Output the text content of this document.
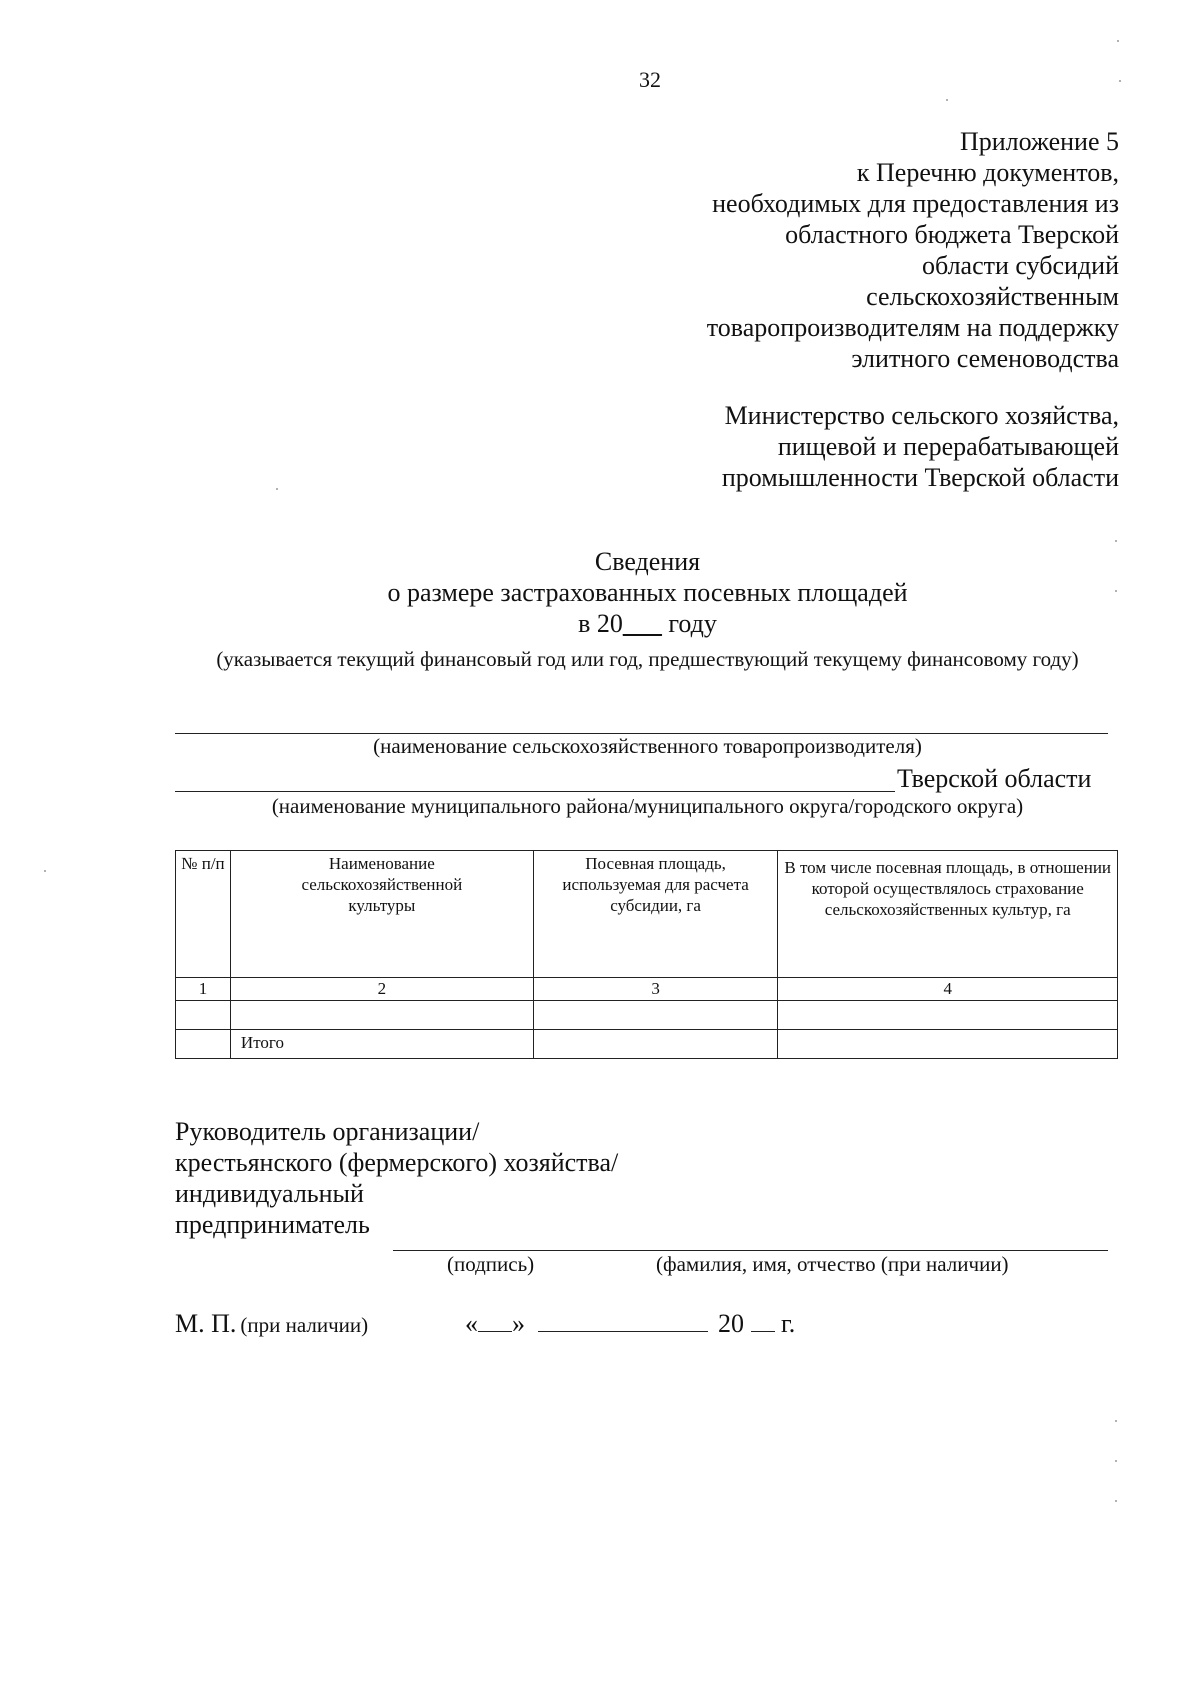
32
Приложение 5
к Перечню документов,
необходимых для предоставления из
областного бюджета Тверской
области субсидий
сельскохозяйственным
товаропроизводителям на поддержку
элитного семеноводства
Министерство сельского хозяйства,
пищевой и перерабатывающей
промышленности Тверской области
Сведения
о размере застрахованных посевных площадей
в 20___ году
(указывается текущий финансовый год или год, предшествующий текущему финансовому году)
(наименование сельскохозяйственного товаропроизводителя)
Тверской области
(наименование муниципального района/муниципального округа/городского округа)
№ п/п	Наименование сельскохозяйственной культуры	Посевная площадь, используемая для расчета субсидии, га	В том числе посевная площадь, в отношении которой осуществлялось страхование сельскохозяйственных культур, га
1	2	3	4

	Итого		
Руководитель организации/
крестьянского (фермерского) хозяйства/
индивидуальный
предприниматель
(подпись)	(фамилия, имя, отчество (при наличии)
М. П. (при наличии)	« »	20 г.
